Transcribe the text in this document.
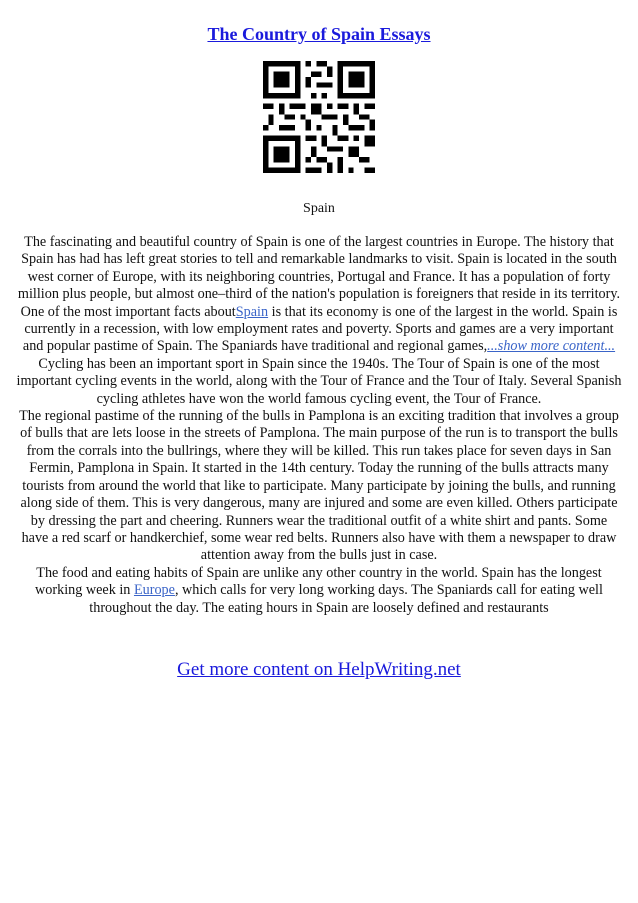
The Country of Spain Essays
Spain

The fascinating and beautiful country of Spain is one of the largest countries in Europe. The history that Spain has had has left great stories to tell and remarkable landmarks to visit. Spain is located in the south west corner of Europe, with its neighboring countries, Portugal and France. It has a population of forty million plus people, but almost one–third of the nation's population is foreigners that reside in its territory. One of the most important facts aboutSpain is that its economy is one of the largest in the world. Spain is currently in a recession, with low employment rates and poverty. Sports and games are a very important and popular pastime of Spain. The Spaniards have traditional and regional games,...show more content...

Cycling has been an important sport in Spain since the 1940s. The Tour of Spain is one of the most important cycling events in the world, along with the Tour of France and the Tour of Italy. Several Spanish cycling athletes have won the world famous cycling event, the Tour of France.

The regional pastime of the running of the bulls in Pamplona is an exciting tradition that involves a group of bulls that are lets loose in the streets of Pamplona. The main purpose of the run is to transport the bulls from the corrals into the bullrings, where they will be killed. This run takes place for seven days in San Fermin, Pamplona in Spain. It started in the 14th century. Today the running of the bulls attracts many tourists from around the world that like to participate. Many participate by joining the bulls, and running along side of them. This is very dangerous, many are injured and some are even killed. Others participate by dressing the part and cheering. Runners wear the traditional outfit of a white shirt and pants. Some have a red scarf or handkerchief, some wear red belts. Runners also have with them a newspaper to draw attention away from the bulls just in case.

The food and eating habits of Spain are unlike any other country in the world. Spain has the longest working week in Europe, which calls for very long working days. The Spaniards call for eating well throughout the day. The eating hours in Spain are loosely defined and restaurants

Get more content on HelpWriting.net
